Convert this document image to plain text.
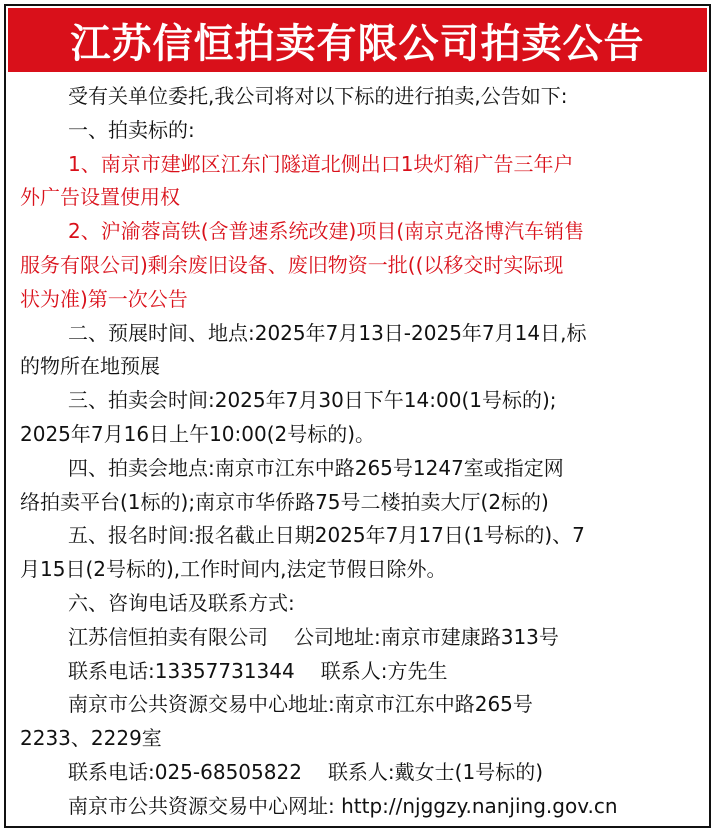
江苏信恒拍卖有限公司拍卖公告

受有关单位委托,我公司将对以下标的进行拍卖,公告如下:

一、拍卖标的:

1、南京市建邺区江东门隧道北侧出口1块灯箱广告三年户

外广告设置使用权

2、沪渝蓉高铁(含普速系统改建)项目(南京克洛博汽车销售

服务有限公司)剩余废旧设备、废旧物资一批((以移交时实际现

状为准)第一次公告

二、预展时间、地点:2025年7月13日-2025年7月14日,标

的物所在地预展

三、拍卖会时间:2025年7月30日下午14:00(1号标的);

2025年7月16日上午10:00(2号标的)。

四、拍卖会地点:南京市江东中路265号1247室或指定网

络拍卖平台(1标的);南京市华侨路75号二楼拍卖大厅(2标的)

五、报名时间:报名截止日期2025年7月17日(1号标的)、7

月15日(2号标的),工作时间内,法定节假日除外。

六、咨询电话及联系方式:

江苏信恒拍卖有限公司 公司地址:南京市建康路313号

联系电话:13357731344 联系人:方先生

南京市公共资源交易中心地址:南京市江东中路265号

2233、2229室

联系电话:025-68505822 联系人:戴女士(1号标的)

南京市公共资源交易中心网址: http://njggzy.nanjing.gov.cn
